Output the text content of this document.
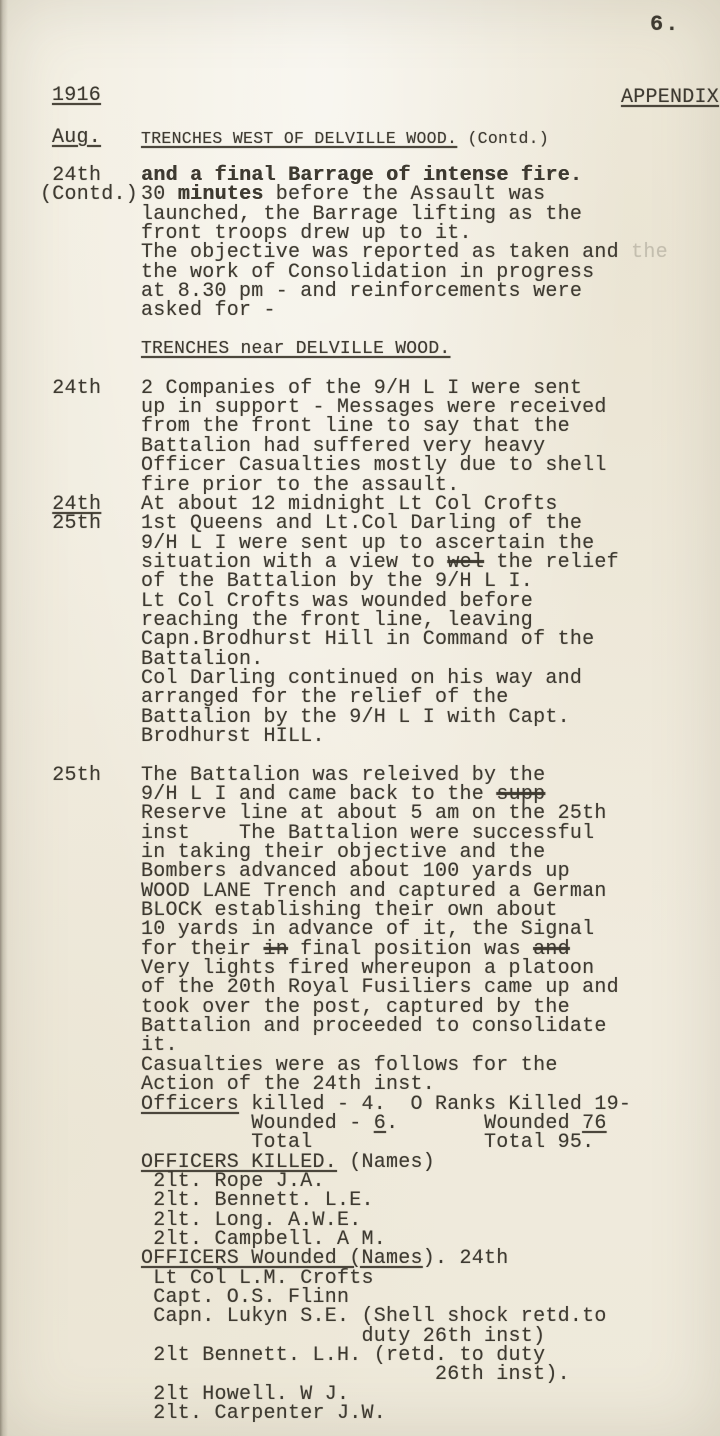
6.
1916	APPENDIX
Aug. TRENCHES WEST OF DELVILLE WOOD. (Contd.)
24th and a final Barrage of intense fire.
(Contd.) 30 minutes before the Assault was
launched, the Barrage lifting as the
front troops drew up to it.
The objective was reported as taken and the
the work of Consolidation in progress
at 8.30 pm - and reinforcements were
asked for -
TRENCHES near DELVILLE WOOD.
24th 2 Companies of the 9/H L I were sent
up in support - Messages were received
from the front line to say that the
Battalion had suffered very heavy
Officer Casualties mostly due to shell
fire prior to the assault.
24th At about 12 midnight Lt Col Crofts
25th 1st Queens and Lt.Col Darling of the
9/H L I were sent up to ascertain the
situation with a view to wel the relief
of the Battalion by the 9/H L I.
Lt Col Crofts was wounded before
reaching the front line, leaving
Capn.Brodhurst Hill in Command of the
Battalion.
Col Darling continued on his way and
arranged for the relief of the
Battalion by the 9/H L I with Capt.
Brodhurst HILL.
25th The Battalion was releived by the
9/H L I and came back to the supp
Reserve line at about 5 am on the 25th
inst    The Battalion were successful
in taking their objective and the
Bombers advanced about 100 yards up
WOOD LANE Trench and captured a German
BLOCK establishing their own about
10 yards in advance of it, the Signal
for their in final position was and
Very lights fired whereupon a platoon
of the 20th Royal Fusiliers came up and
took over the post, captured by the
Battalion and proceeded to consolidate
it.
Casualties were as follows for the
Action of the 24th inst.
Officers killed - 4.  O Ranks Killed 19-
Wounded - 6.       Wounded 76
Total              Total 95.
OFFICERS KILLED. (Names)
2lt. Rope J.A.
2lt. Bennett. L.E.
2lt. Long. A.W.E.
2lt. Campbell. A M.
OFFICERS Wounded (Names). 24th
Lt Col L.M. Crofts
Capt. O.S. Flinn
Capn. Lukyn S.E. (Shell shock retd.to
duty 26th inst)
2lt Bennett. L.H. (retd. to duty
26th inst).
2lt Howell. W J.
2lt. Carpenter J.W.
